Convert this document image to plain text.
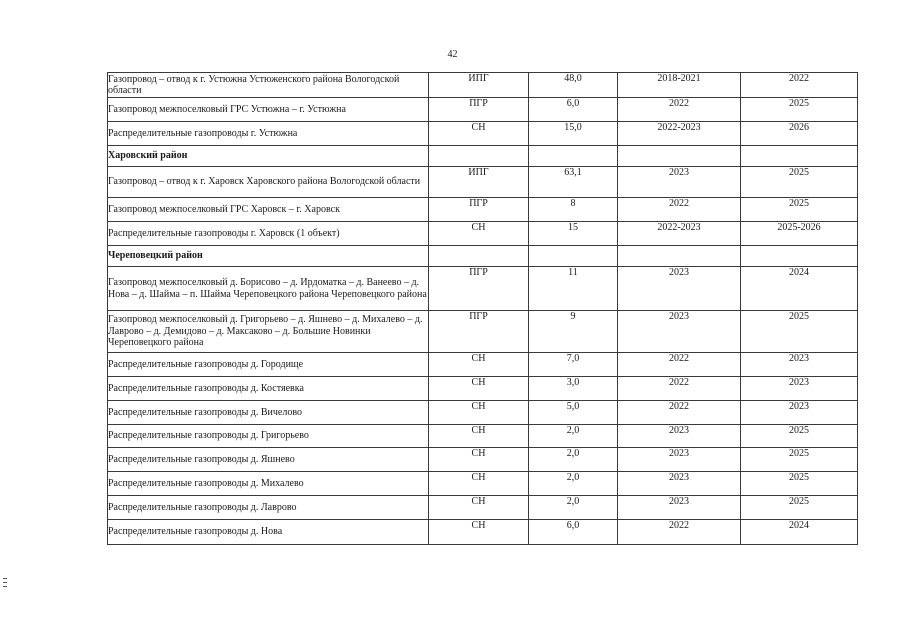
42
Газопровод – отвод к г. Устюжна Устюженского района Вологодской области	ИПГ	48,0	2018-2021	2022
Газопровод межпоселковый ГРС Устюжна – г. Устюжна	ПГР	6,0	2022	2025
Распределительные газопроводы г. Устюжна	СН	15,0	2022-2023	2026
Харовский район				
Газопровод – отвод к г. Харовск Харовского района Вологодской области	ИПГ	63,1	2023	2025
Газопровод межпоселковый ГРС Харовск – г. Харовск	ПГР	8	2022	2025
Распределительные газопроводы г. Харовск (1 объект)	СН	15	2022-2023	2025-2026
Череповецкий район				
Газопровод межпоселковый д. Борисово – д. Ирдоматка – д. Ванеево – д. Нова – д. Шайма – п. Шайма Череповецкого района Череповецкого района	ПГР	11	2023	2024
Газопровод межпоселковый д. Григорьево – д. Яшнево – д. Михалево – д. Лаврово – д. Демидово – д. Максаково – д. Большие Новинки Череповецкого района	ПГР	9	2023	2025
Распределительные газопроводы д. Городище	СН	7,0	2022	2023
Распределительные газопроводы д. Костяевка	СН	3,0	2022	2023
Распределительные газопроводы д. Вичелово	СН	5,0	2022	2023
Распределительные газопроводы д. Григорьево	СН	2,0	2023	2025
Распределительные газопроводы д. Яшнево	СН	2,0	2023	2025
Распределительные газопроводы д. Михалево	СН	2,0	2023	2025
Распределительные газопроводы д. Лаврово	СН	2,0	2023	2025
Распределительные газопроводы д. Нова	СН	6,0	2022	2024
